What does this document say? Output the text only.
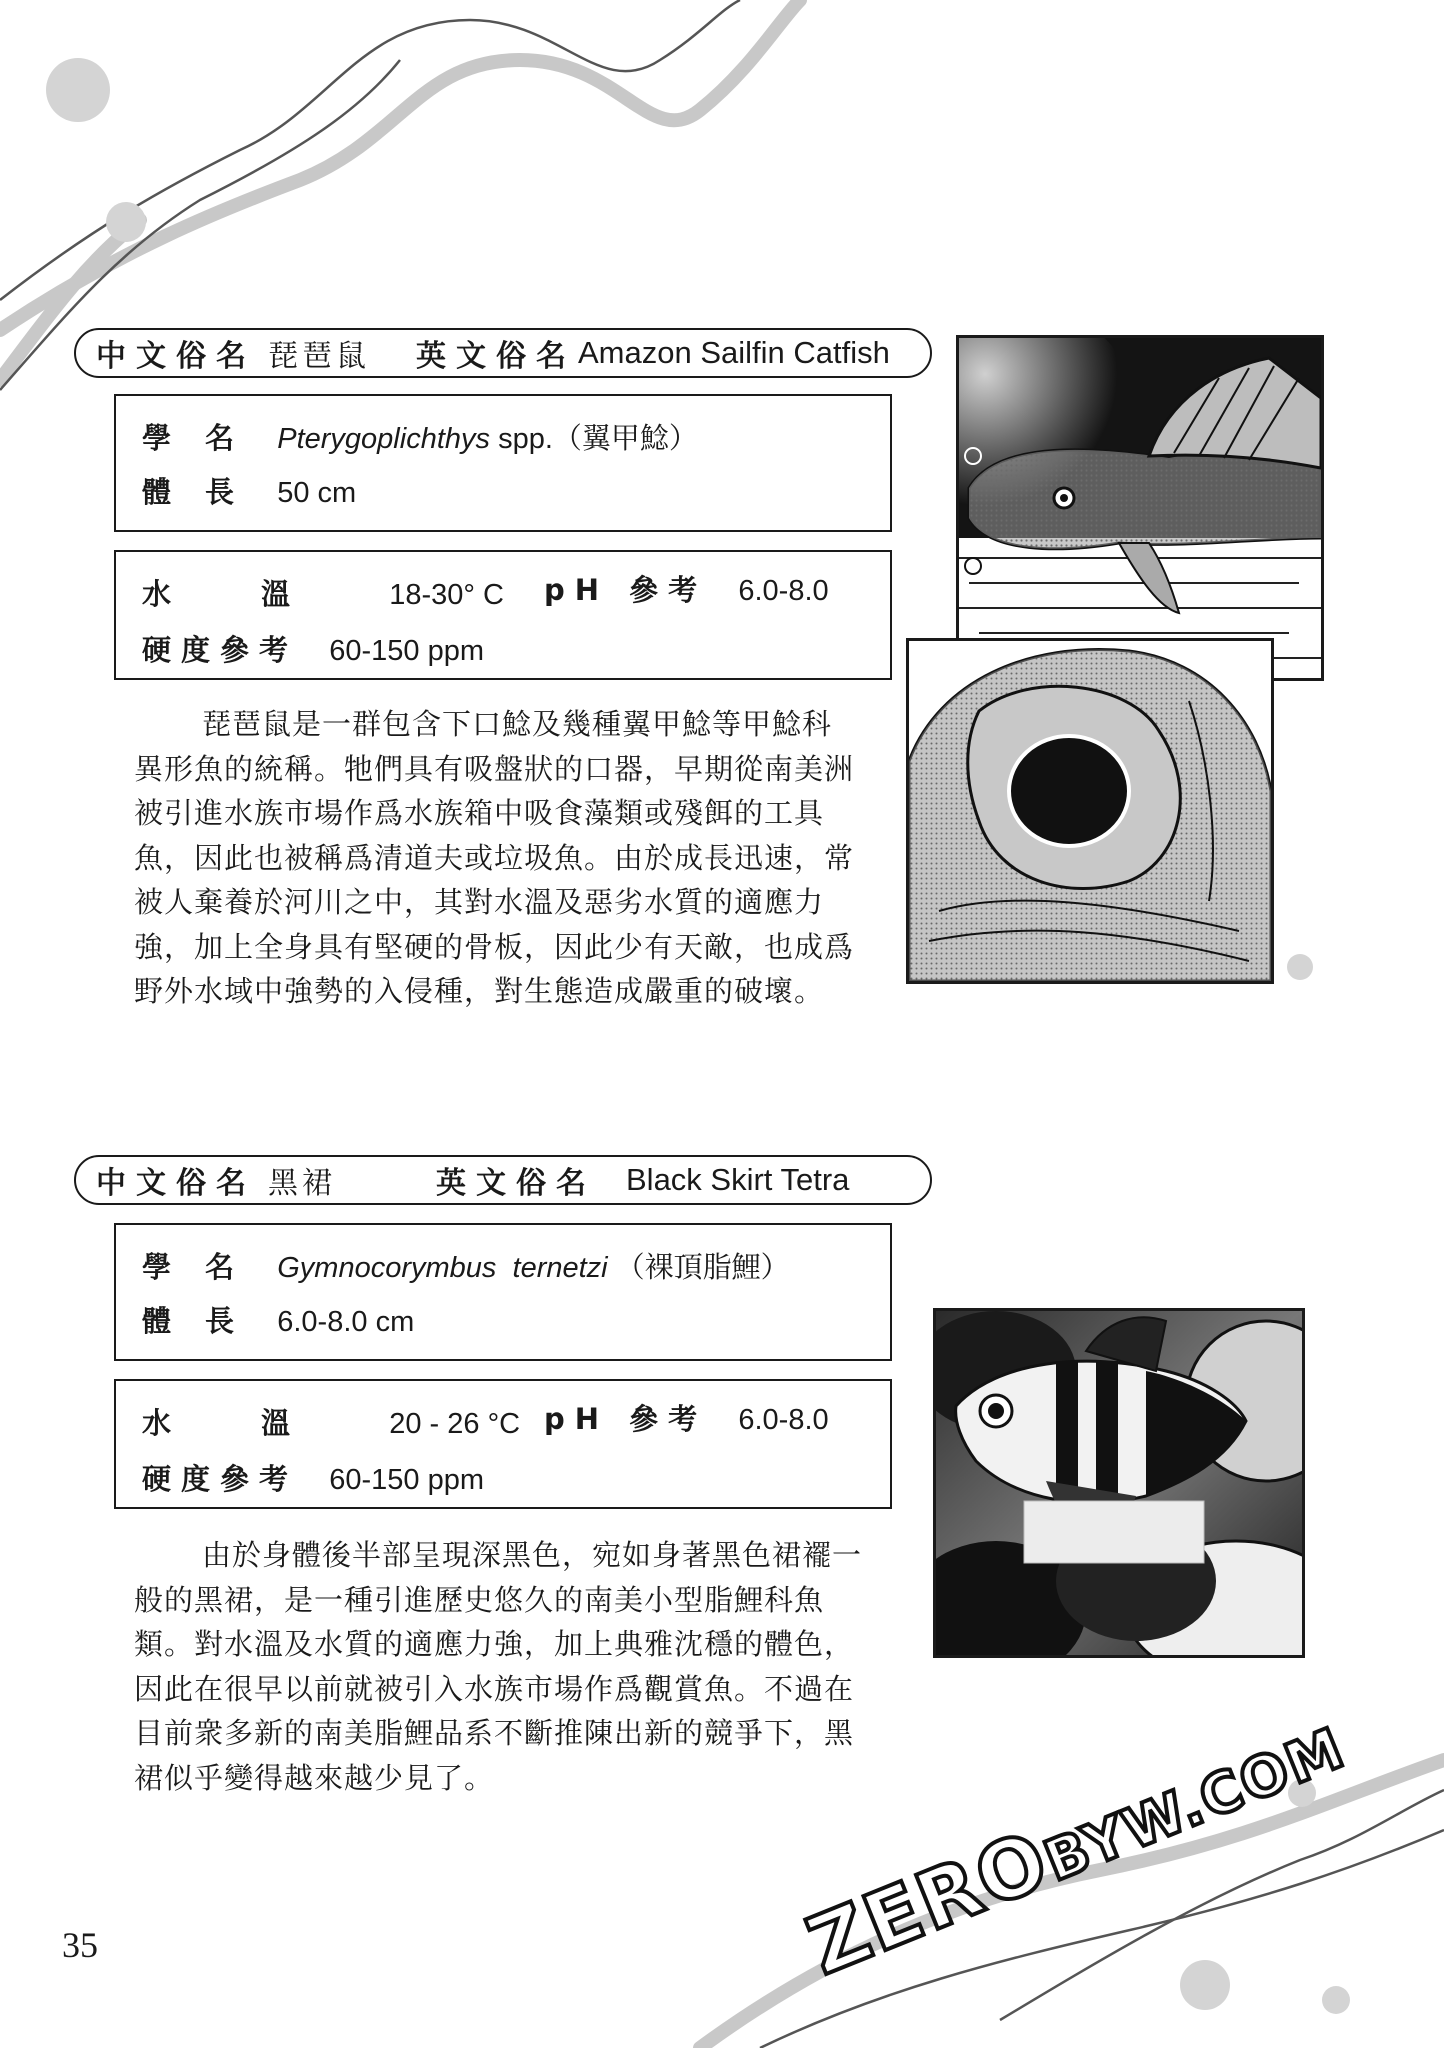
中文俗名 琵琶鼠 英文俗名 Amazon Sailfin Catfish
學名 Pterygoplichthys spp.（翼甲鯰）
體長 50 cm
水溫 18-30° C pH 參考 6.0-8.0
硬度參考 60-150 ppm
琵琶鼠是一群包含下口鯰及幾種翼甲鯰等甲鯰科
異形魚的統稱。牠們具有吸盤狀的口器，早期從南美洲
被引進水族市場作爲水族箱中吸食藻類或殘餌的工具
魚，因此也被稱爲清道夫或垃圾魚。由於成長迅速，常
被人棄養於河川之中，其對水溫及惡劣水質的適應力
強，加上全身具有堅硬的骨板，因此少有天敵，也成爲
野外水域中強勢的入侵種，對生態造成嚴重的破壞。
中文俗名 黑裙	英文俗名 Black Skirt Tetra
學名 Gymnocorymbus  ternetzi （裸頂脂鯉）
體長 6.0-8.0 cm
水溫 20 - 26 °C pH 參考 6.0-8.0
硬度參考 60-150 ppm
由於身體後半部呈現深黑色，宛如身著黑色裙襬一
般的黑裙，是一種引進歷史悠久的南美小型脂鯉科魚
類。對水溫及水質的適應力強，加上典雅沈穩的體色，
因此在很早以前就被引入水族市場作爲觀賞魚。不過在
目前衆多新的南美脂鯉品系不斷推陳出新的競爭下，黑
裙似乎變得越來越少見了。
35	ZEROBYW.COM
